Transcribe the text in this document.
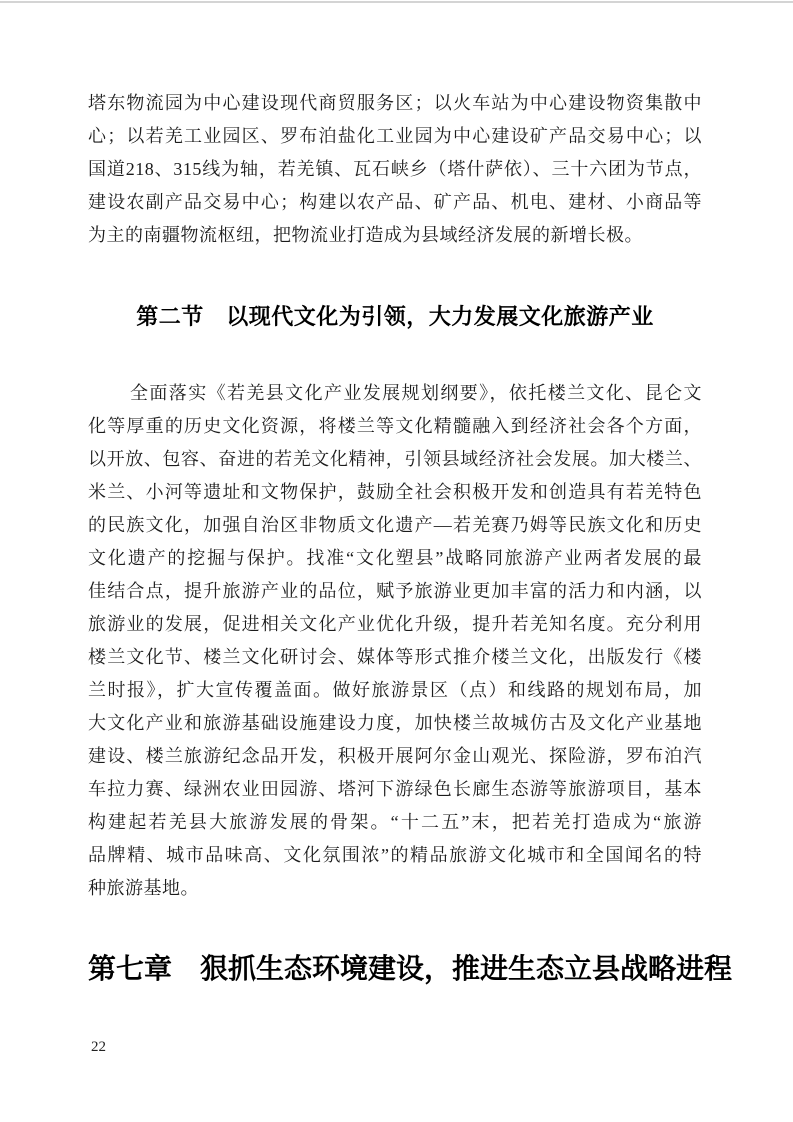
塔东物流园为中心建设现代商贸服务区；以火车站为中心建设物资集散中
心；以若羌工业园区、罗布泊盐化工业园为中心建设矿产品交易中心；以
国道218、315线为轴，若羌镇、瓦石峡乡（塔什萨依）、三十六团为节点，
建设农副产品交易中心；构建以农产品、矿产品、机电、建材、小商品等
为主的南疆物流枢纽，把物流业打造成为县域经济发展的新增长极。
第二节　以现代文化为引领，大力发展文化旅游产业
全面落实《若羌县文化产业发展规划纲要》，依托楼兰文化、昆仑文
化等厚重的历史文化资源，将楼兰等文化精髓融入到经济社会各个方面，
以开放、包容、奋进的若羌文化精神，引领县域经济社会发展。加大楼兰、
米兰、小河等遗址和文物保护，鼓励全社会积极开发和创造具有若羌特色
的民族文化，加强自治区非物质文化遗产—若羌赛乃姆等民族文化和历史
文化遗产的挖掘与保护。找准“文化塑县”战略同旅游产业两者发展的最
佳结合点，提升旅游产业的品位，赋予旅游业更加丰富的活力和内涵，以
旅游业的发展，促进相关文化产业优化升级，提升若羌知名度。充分利用
楼兰文化节、楼兰文化研讨会、媒体等形式推介楼兰文化，出版发行《楼
兰时报》，扩大宣传覆盖面。做好旅游景区（点）和线路的规划布局，加
大文化产业和旅游基础设施建设力度，加快楼兰故城仿古及文化产业基地
建设、楼兰旅游纪念品开发，积极开展阿尔金山观光、探险游，罗布泊汽
车拉力赛、绿洲农业田园游、塔河下游绿色长廊生态游等旅游项目，基本
构建起若羌县大旅游发展的骨架。“十二五”末，把若羌打造成为“旅游
品牌精、城市品味高、文化氛围浓”的精品旅游文化城市和全国闻名的特
种旅游基地。
第七章　狠抓生态环境建设，推进生态立县战略进程
22
